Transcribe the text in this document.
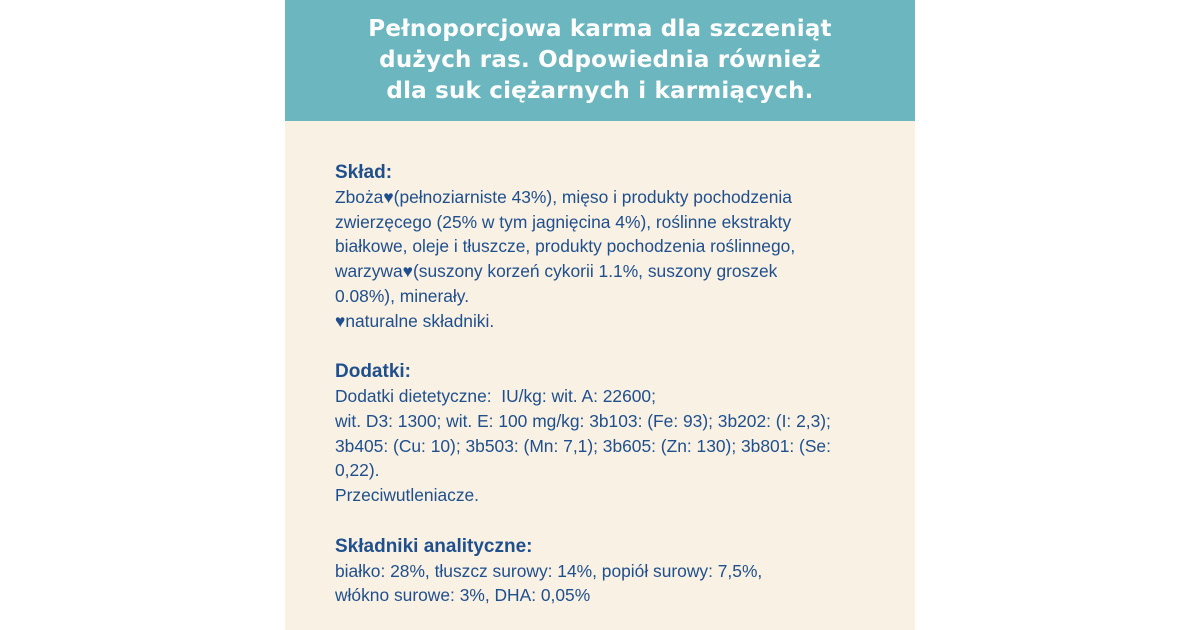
Pełnoporcjowa karma dla szczeniąt
dużych ras. Odpowiednia również
dla suk ciężarnych i karmiących.

Skład:

Zboża♥(pełnoziarniste 43%), mięso i produkty pochodzenia

zwierzęcego (25% w tym jagnięcina 4%), roślinne ekstrakty

białkowe, oleje i tłuszcze, produkty pochodzenia roślinnego,

warzywa♥(suszony korzeń cykorii 1.1%, suszony groszek

0.08%), minerały.

♥naturalne składniki.

Dodatki:

Dodatki dietetyczne:  IU/kg: wit. A: 22600;

wit. D3: 1300; wit. E: 100 mg/kg: 3b103: (Fe: 93); 3b202: (I: 2,3);

3b405: (Cu: 10); 3b503: (Mn: 7,1); 3b605: (Zn: 130); 3b801: (Se:

0,22).

Przeciwutleniacze.

Składniki analityczne:

białko: 28%, tłuszcz surowy: 14%, popiół surowy: 7,5%,

włókno surowe: 3%, DHA: 0,05%
